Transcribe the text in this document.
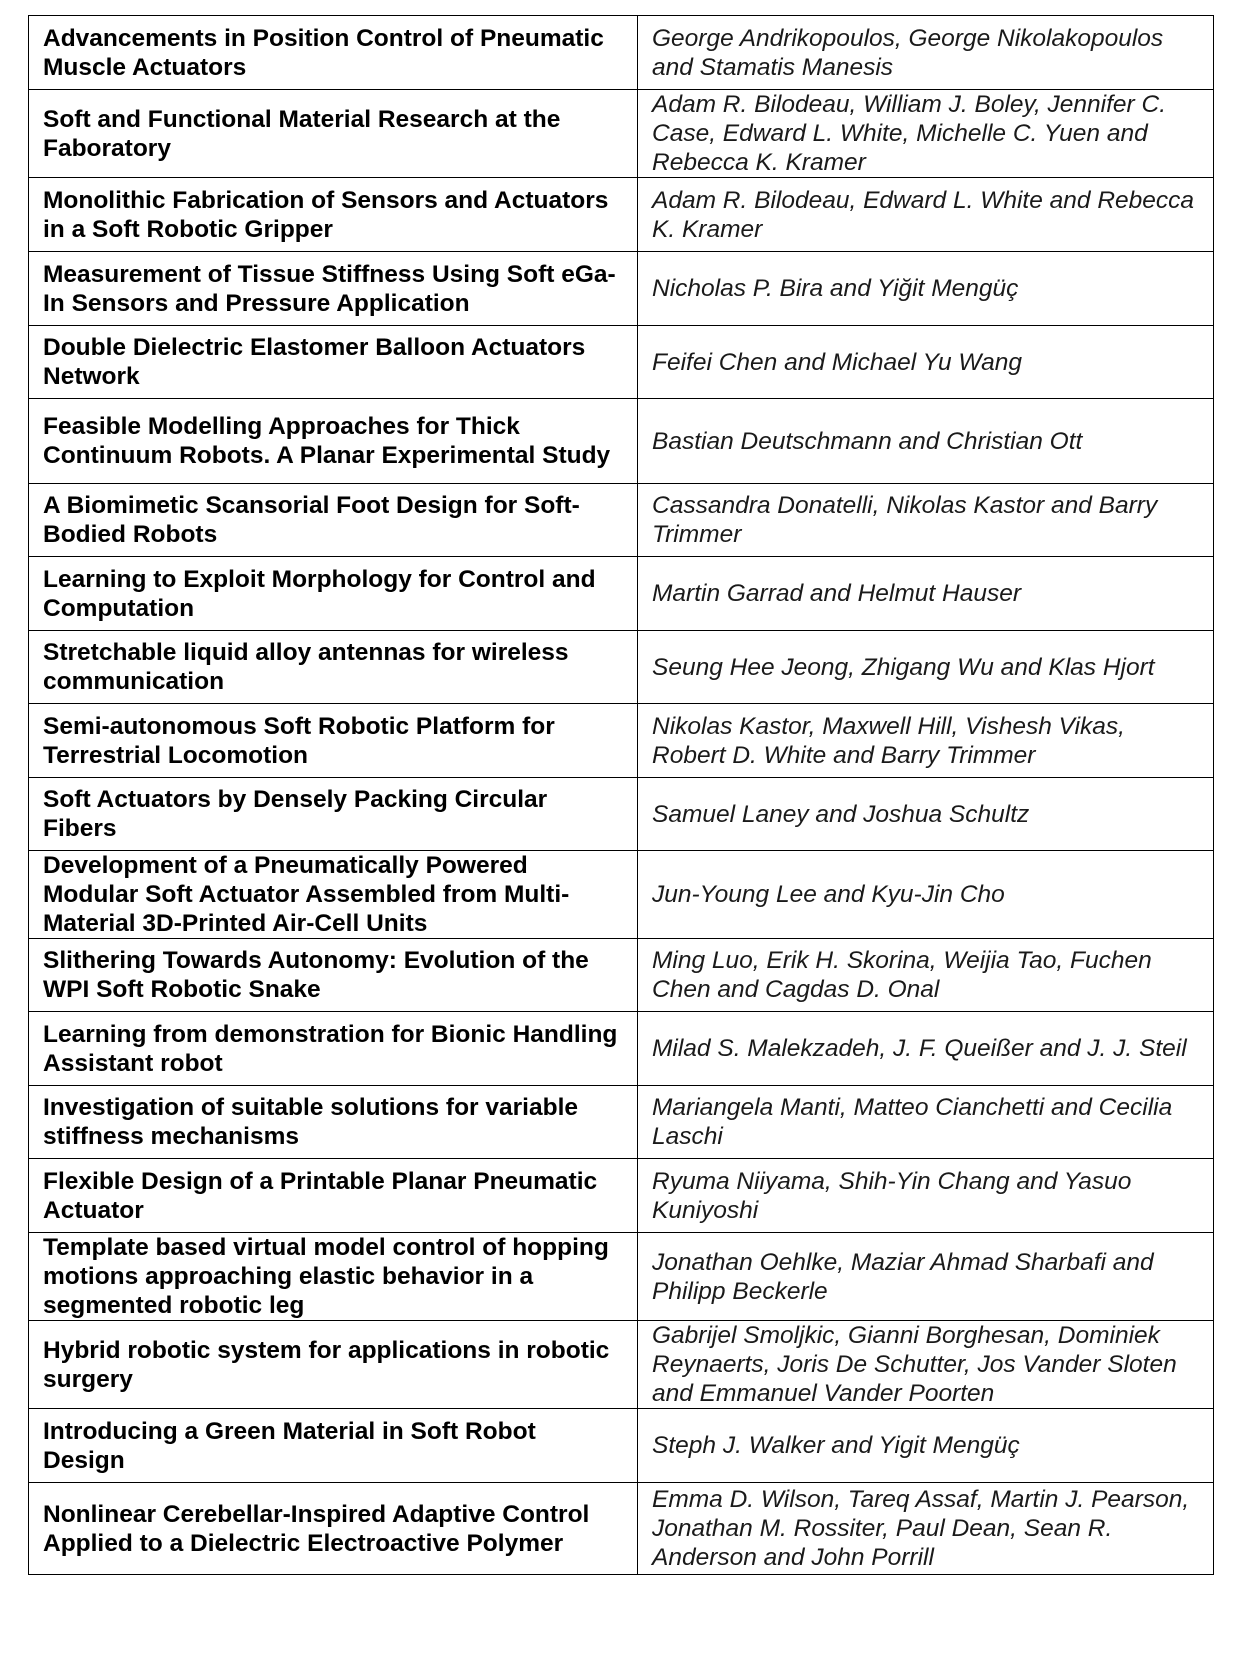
Advancements in Position Control of Pneumatic Muscle Actuators	George Andrikopoulos, George Nikolakopoulos and Stamatis Manesis
Soft and Functional Material Research at the Faboratory	Adam R. Bilodeau, William J. Boley, Jennifer C. Case, Edward L. White, Michelle C. Yuen and Rebecca K. Kramer
Monolithic Fabrication of Sensors and Actuators in a Soft Robotic Gripper	Adam R. Bilodeau, Edward L. White and Rebecca K. Kramer
Measurement of Tissue Stiffness Using Soft eGa-In Sensors and Pressure Application	Nicholas P. Bira and Yiğit Mengüç
Double Dielectric Elastomer Balloon Actuators Network	Feifei Chen and Michael Yu Wang
Feasible Modelling Approaches for Thick Continuum Robots. A Planar Experimental Study	Bastian Deutschmann and Christian Ott
A Biomimetic Scansorial Foot Design for Soft-Bodied Robots	Cassandra Donatelli, Nikolas Kastor and Barry Trimmer
Learning to Exploit Morphology for Control and Computation	Martin Garrad and Helmut Hauser
Stretchable liquid alloy antennas for wireless communication	Seung Hee Jeong, Zhigang Wu and Klas Hjort
Semi-autonomous Soft Robotic Platform for Terrestrial Locomotion	Nikolas Kastor, Maxwell Hill, Vishesh Vikas, Robert D. White and Barry Trimmer
Soft Actuators by Densely Packing Circular Fibers	Samuel Laney and Joshua Schultz
Development of a Pneumatically Powered Modular Soft Actuator Assembled from Multi-Material 3D-Printed Air-Cell Units	Jun-Young Lee and Kyu-Jin Cho
Slithering Towards Autonomy: Evolution of the WPI Soft Robotic Snake	Ming Luo, Erik H. Skorina, Weijia Tao, Fuchen Chen and Cagdas D. Onal
Learning from demonstration for Bionic Handling Assistant robot	Milad S. Malekzadeh, J. F. Queißer and J. J. Steil
Investigation of suitable solutions for variable stiffness mechanisms	Mariangela Manti, Matteo Cianchetti and Cecilia Laschi
Flexible Design of a Printable Planar Pneumatic Actuator	Ryuma Niiyama, Shih-Yin Chang and Yasuo Kuniyoshi
Template based virtual model control of hopping motions approaching elastic behavior in a segmented robotic leg	Jonathan Oehlke, Maziar Ahmad Sharbafi and Philipp Beckerle
Hybrid robotic system for applications in robotic surgery	Gabrijel Smoljkic, Gianni Borghesan, Dominiek Reynaerts, Joris De Schutter, Jos Vander Sloten and Emmanuel Vander Poorten
Introducing a Green Material in Soft Robot Design	Steph J. Walker and Yigit Mengüç
Nonlinear Cerebellar-Inspired Adaptive Control Applied to a Dielectric Electroactive Polymer	Emma D. Wilson, Tareq Assaf, Martin J. Pearson, Jonathan M. Rossiter, Paul Dean, Sean R. Anderson and John Porrill
